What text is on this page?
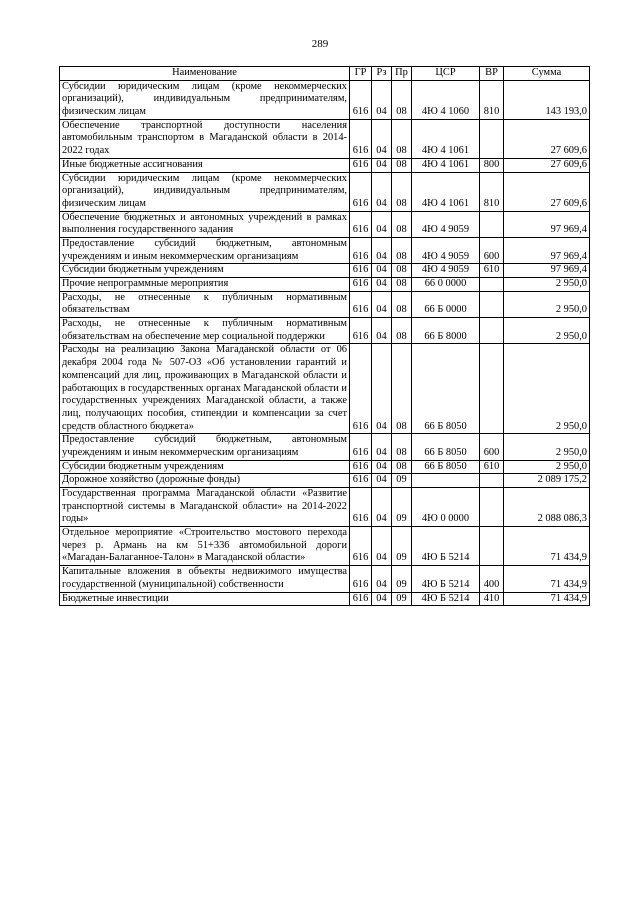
289
Наименование	ГР	Рз	Пр	ЦСР	ВР	Сумма
Субсидии юридическим лицам (кроме некоммерческих организаций), индивидуальным предпринимателям, физическим лицам	616	04	08	4Ю 4 1060	810	143 193,0
Обеспечение транспортной доступности населения автомобильным транспортом в Магаданской области в 2014-2022 годах	616	04	08	4Ю 4 1061		27 609,6
Иные бюджетные ассигнования	616	04	08	4Ю 4 1061	800	27 609,6
Субсидии юридическим лицам (кроме некоммерческих организаций), индивидуальным предпринимателям, физическим лицам	616	04	08	4Ю 4 1061	810	27 609,6
Обеспечение бюджетных и автономных учреждений в рамках выполнения государственного задания	616	04	08	4Ю 4 9059		97 969,4
Предоставление субсидий бюджетным, автономным учреждениям и иным некоммерческим организациям	616	04	08	4Ю 4 9059	600	97 969,4
Субсидии бюджетным учреждениям	616	04	08	4Ю 4 9059	610	97 969,4
Прочие непрограммные мероприятия	616	04	08	66 0 0000		2 950,0
Расходы, не отнесенные к публичным нормативным обязательствам	616	04	08	66 Б 0000		2 950,0
Расходы, не отнесенные к публичным нормативным обязательствам на обеспечение мер социальной поддержки	616	04	08	66 Б 8000		2 950,0
Расходы на реализацию Закона Магаданской области от 06 декабря 2004 года № 507-ОЗ «Об установлении гарантий и компенсаций для лиц, проживающих в Магаданской области и работающих в государственных органах Магаданской области и государственных учреждениях Магаданской области, а также лиц, получающих пособия, стипендии и компенсации за счет средств областного бюджета»	616	04	08	66 Б 8050		2 950,0
Предоставление субсидий бюджетным, автономным учреждениям и иным некоммерческим организациям	616	04	08	66 Б 8050	600	2 950,0
Субсидии бюджетным учреждениям	616	04	08	66 Б 8050	610	2 950,0
Дорожное хозяйство (дорожные фонды)	616	04	09			2 089 175,2
Государственная программа Магаданской области «Развитие транспортной системы в Магаданской области» на 2014-2022 годы»	616	04	09	4Ю 0 0000		2 088 086,3
Отдельное мероприятие «Строительство мостового перехода через р. Армань на км 51+336 автомобильной дороги «Магадан-Балаганное-Талон» в Магаданской области»	616	04	09	4Ю Б 5214		71 434,9
Капитальные вложения в объекты недвижимого имущества государственной (муниципальной) собственности	616	04	09	4Ю Б 5214	400	71 434,9
Бюджетные инвестиции	616	04	09	4Ю Б 5214	410	71 434,9
